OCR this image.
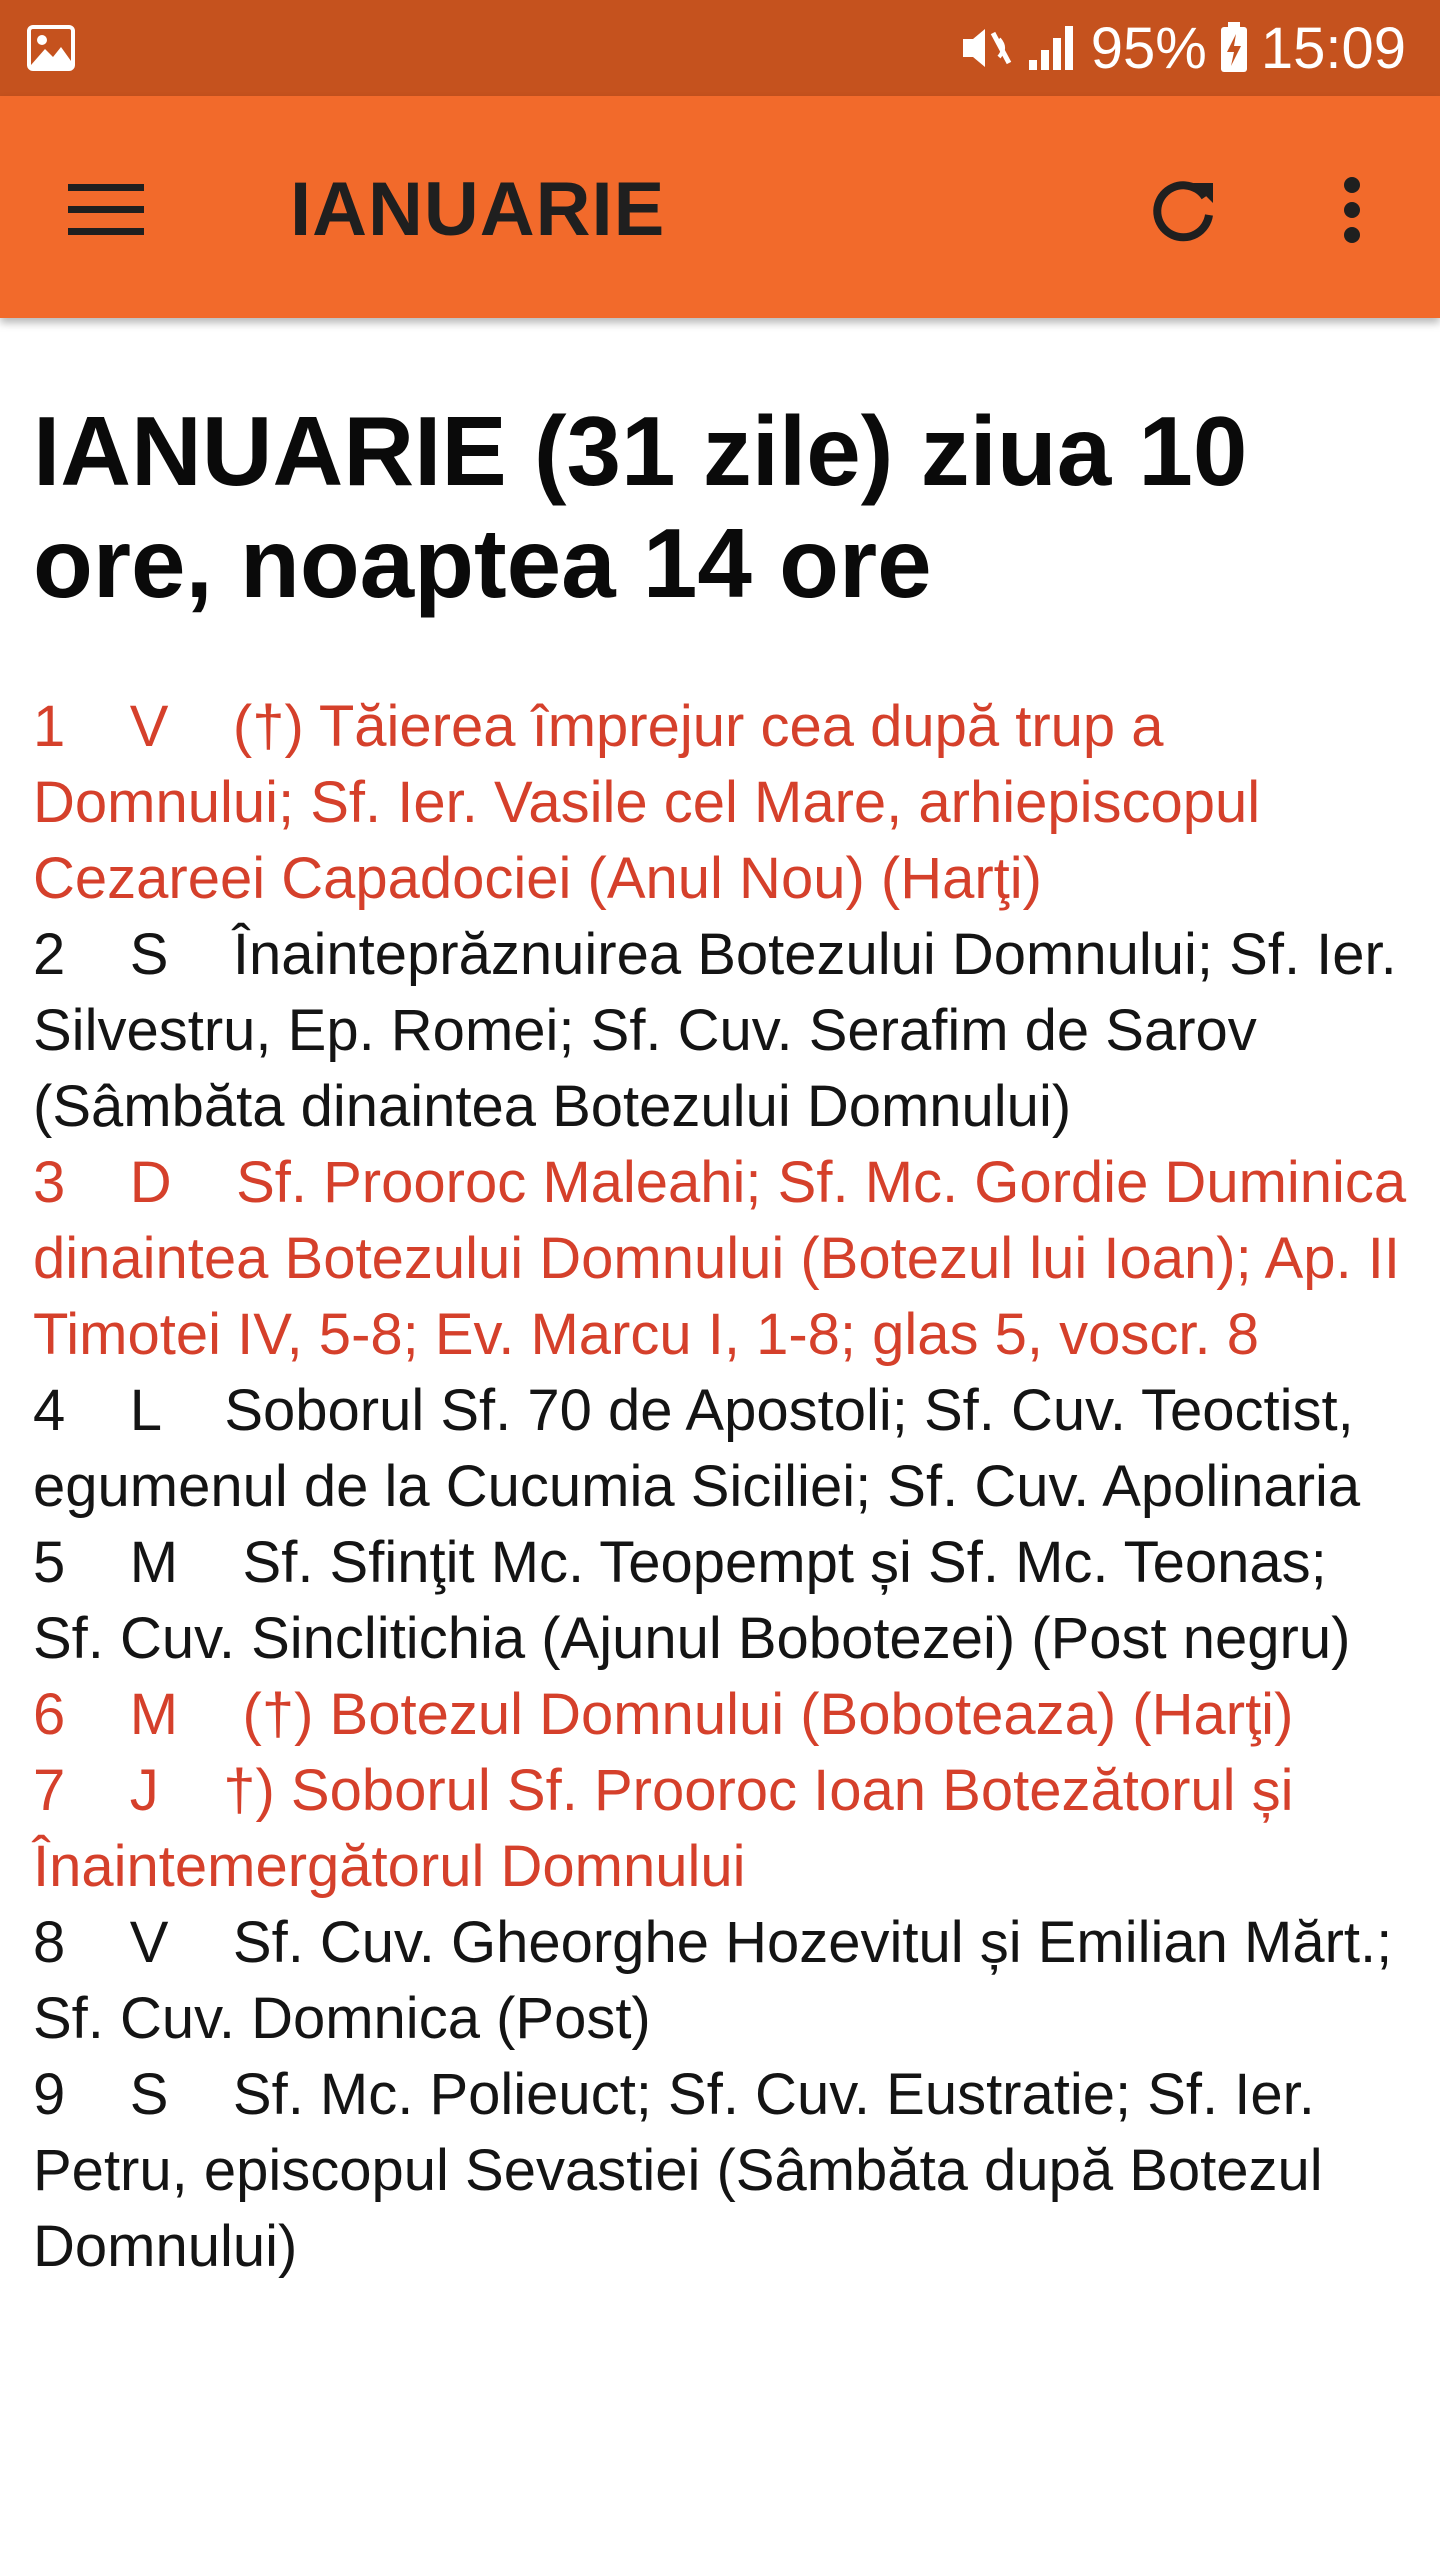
95% 15:09
IANUARIE
IANUARIE (31 zile) ziua 10 ore, noaptea 14 ore
1 V (†) Tăierea împrejur cea după trup a Domnului; Sf. Ier. Vasile cel Mare, arhiepiscopul Cezareei Capadociei (Anul Nou) (Harţi)
2 S Înainteprăznuirea Botezului Domnului; Sf. Ier. Silvestru, Ep. Romei; Sf. Cuv. Serafim de Sarov (Sâmbăta dinaintea Botezului Domnului)
3 D Sf. Prooroc Maleahi; Sf. Mc. Gordie Duminica dinaintea Botezului Domnului (Botezul lui Ioan); Ap. II Timotei IV, 5-8; Ev. Marcu I, 1-8; glas 5, voscr. 8
4 L Soborul Sf. 70 de Apostoli; Sf. Cuv. Teoctist, egumenul de la Cucumia Siciliei; Sf. Cuv. Apolinaria
5 M Sf. Sfinţit Mc. Teopempt și Sf. Mc. Teonas; Sf. Cuv. Sinclitichia (Ajunul Bobotezei) (Post negru)
6 M (†) Botezul Domnului (Boboteaza) (Harţi)
7 J †) Soborul Sf. Prooroc Ioan Botezătorul și Înaintemergătorul Domnului
8 V Sf. Cuv. Gheorghe Hozevitul și Emilian Mărt.; Sf. Cuv. Domnica (Post)
9 S Sf. Mc. Polieuct; Sf. Cuv. Eustratie; Sf. Ier. Petru, episcopul Sevastiei (Sâmbăta după Botezul Domnului)
